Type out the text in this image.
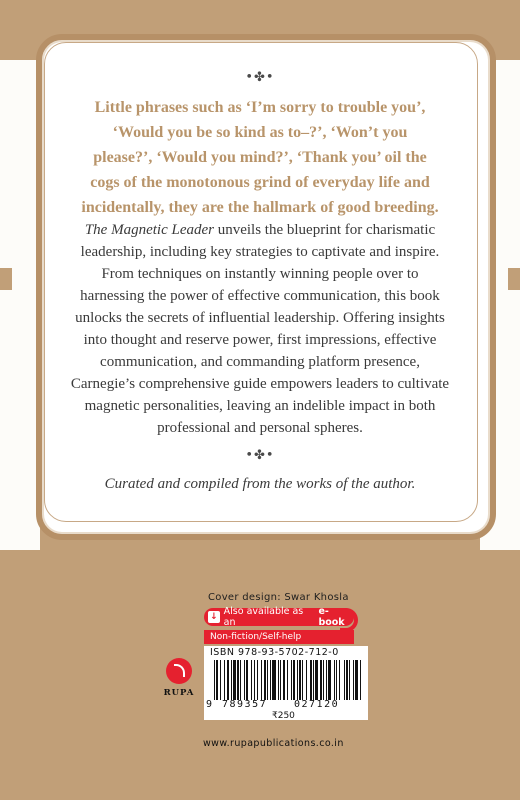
•✤•
Little phrases such as ‘I’m sorry to trouble you’,
‘Would you be so kind as to–?’, ‘Won’t you
please?’, ‘Would you mind?’, ‘Thank you’ oil the
cogs of the monotonous grind of everyday life and
incidentally, they are the hallmark of good breeding.
The Magnetic Leader unveils the blueprint for charismatic leadership, including key strategies to captivate and inspire. From techniques on instantly winning people over to harnessing the power of effective communication, this book unlocks the secrets of influential leadership. Offering insights into thought and reserve power, first impressions, effective communication, and commanding platform presence, Carnegie’s comprehensive guide empowers leaders to cultivate magnetic personalities, leaving an indelible impact in both professional and personal spheres.
•✤•
Curated and compiled from the works of the author.
Cover design: Swar Khosla
↓ Also available as an
e-book
Non-fiction/Self-help
ISBN 978-93-5702-712-0
9 789357	027120
₹250
RUPA
www.rupapublications.co.in
